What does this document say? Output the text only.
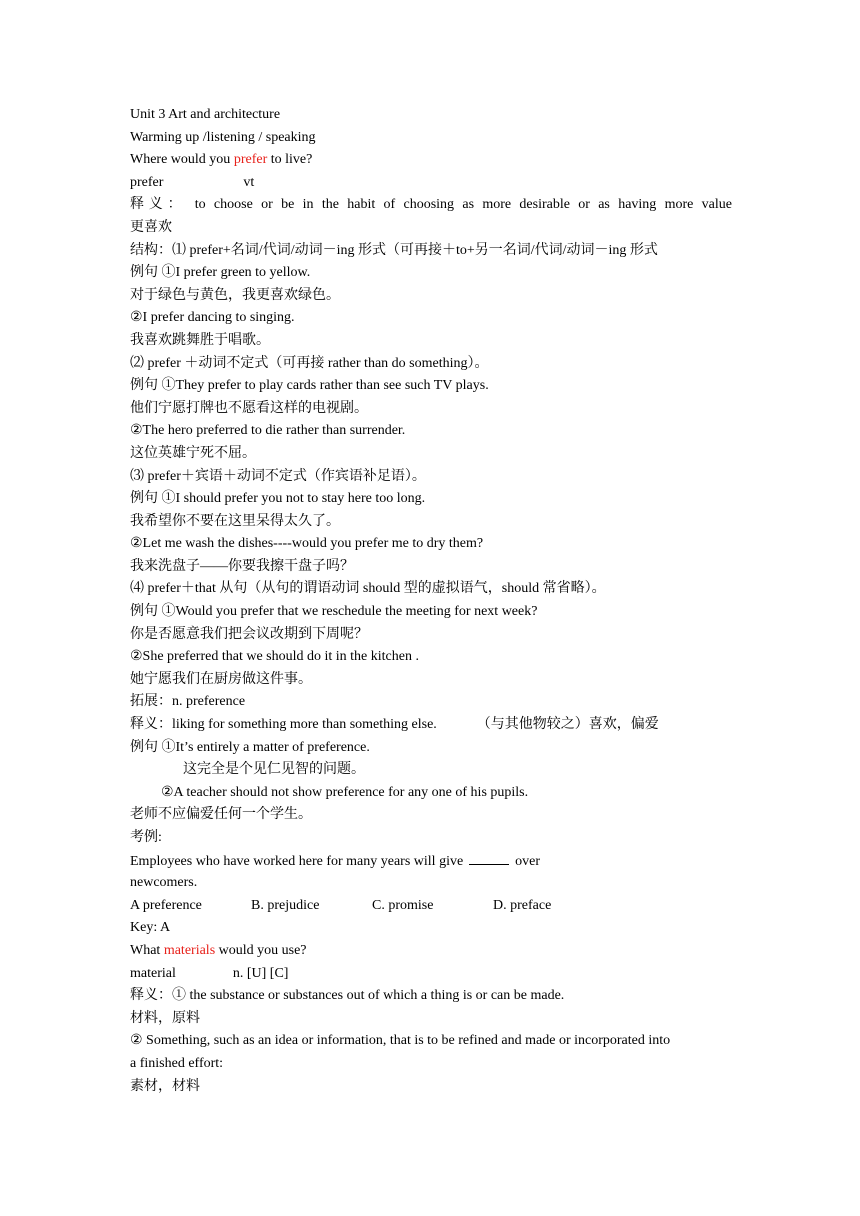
Unit 3 Art and architecture
Warming up /listening / speaking
Where would you prefer to live?
prefer	vt
释义： to choose or be in the habit of choosing as more desirable or as having more value
更喜欢
结构：⑴ prefer+名词/代词/动词－ing 形式（可再接＋to+另一名词/代词/动词－ing 形式
例句 ①I prefer green to yellow.
对于绿色与黄色，我更喜欢绿色。
②I prefer dancing to singing.
我喜欢跳舞胜于唱歌。
⑵ prefer ＋动词不定式（可再接 rather than do something）。
例句 ①They prefer to play cards rather than see such TV plays.
他们宁愿打牌也不愿看这样的电视剧。
②The hero preferred to die rather than surrender.
这位英雄宁死不屈。
⑶ prefer＋宾语＋动词不定式（作宾语补足语）。
例句 ①I should prefer you not to stay here too long.
我希望你不要在这里呆得太久了。
②Let me wash the dishes----would you prefer me to dry them?
我来洗盘子——你要我擦干盘子吗？
⑷ prefer＋that 从句（从句的谓语动词 should 型的虚拟语气，should 常省略）。
例句 ①Would you prefer that we reschedule the meeting for next week?
你是否愿意我们把会议改期到下周呢？
②She preferred that we should do it in the kitchen .
她宁愿我们在厨房做这件事。
拓展：n. preference
释义：liking for something more than something else.	（与其他物较之）喜欢，偏爱
例句 ①It’s entirely a matter of preference.
这完全是个见仁见智的问题。
②A teacher should not show preference for any one of his pupils.
老师不应偏爱任何一个学生。
考例:
Employees who have worked here for many years will give	over
newcomers.
A preference	B. prejudice	C. promise	D. preface
Key: A
What materials would you use?
material	n. [U] [C]
释义：① the substance or substances out of which a thing is or can be made.
材料，原料
② Something, such as an idea or information, that is to be refined and made or incorporated into
a finished effort:
素材，材料
